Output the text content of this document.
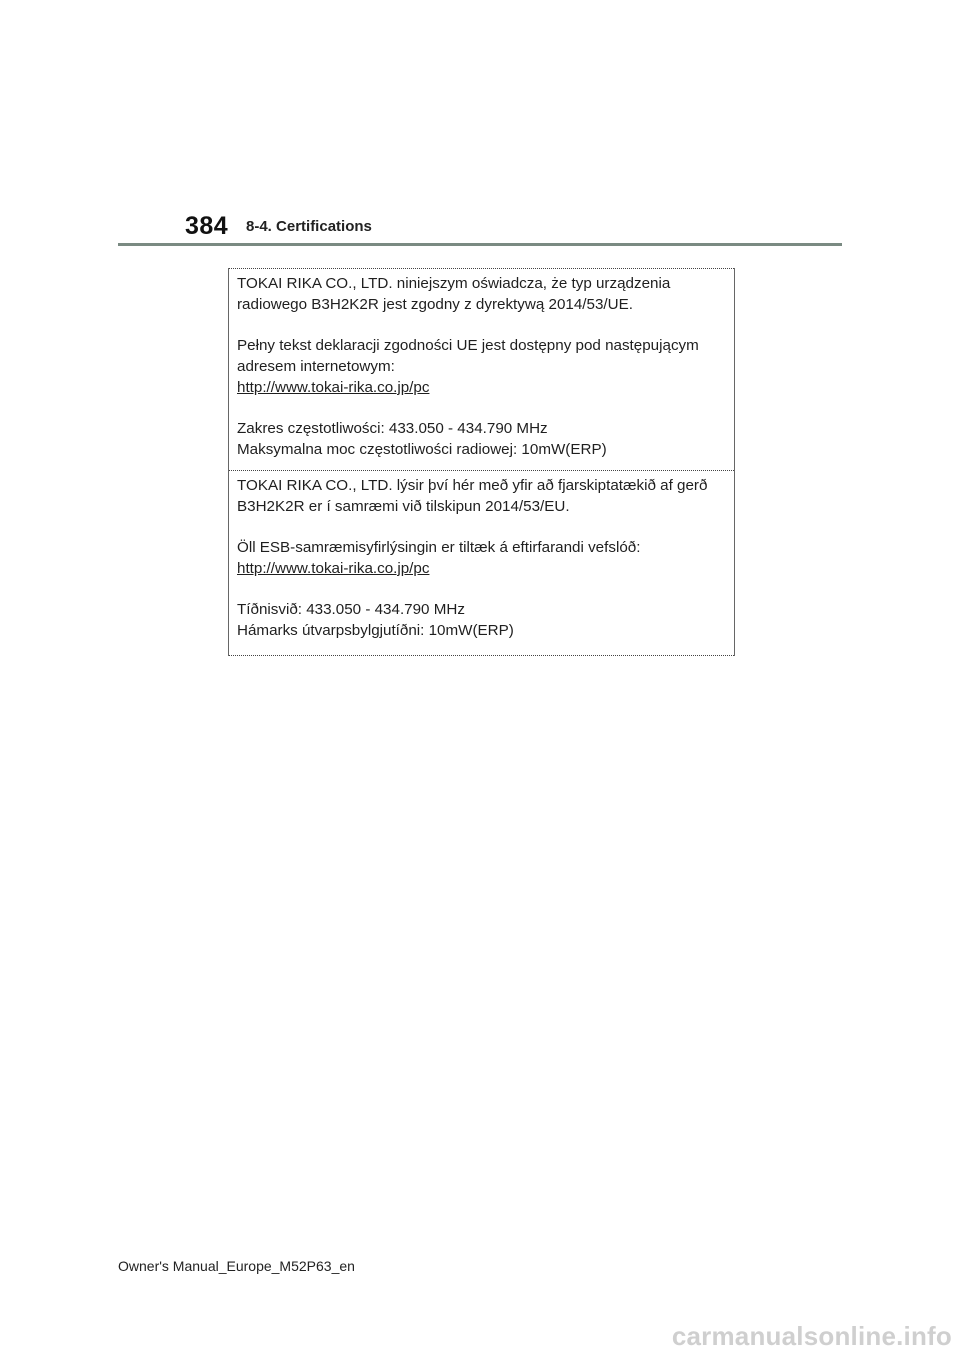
384 8-4. Certifications

TOKAI RIKA CO., LTD. niniejszym oświadcza, że typ urządzenia
radiowego B3H2K2R jest zgodny z dyrektywą 2014/53/UE.

Pełny tekst deklaracji zgodności UE jest dostępny pod następującym
adresem internetowym:
http://www.tokai-rika.co.jp/pc

Zakres częstotliwości: 433.050 - 434.790 MHz
Maksymalna moc częstotliwości radiowej: 10mW(ERP)

TOKAI RIKA CO., LTD. lýsir því hér með yfir að fjarskiptatækið af gerð
B3H2K2R er í samræmi við tilskipun 2014/53/EU.

Öll ESB-samræmisyfirlýsingin er tiltæk á eftirfarandi vefslóð:
http://www.tokai-rika.co.jp/pc

Tíðnisvið: 433.050 - 434.790 MHz
Hámarks útvarpsbylgjutíðni: 10mW(ERP)

Owner's Manual_Europe_M52P63_en
carmanualsonline.info
